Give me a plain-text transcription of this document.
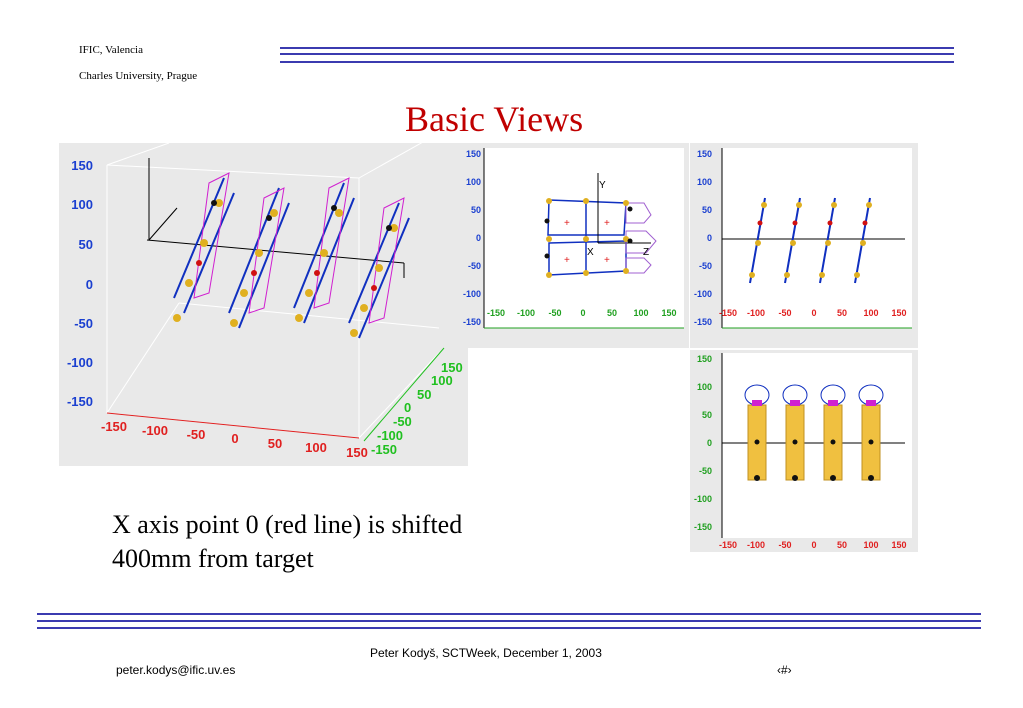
IFIC, Valencia
Charles University, Prague
Basic Views
150
100
50
0
-50
-100
-150
-150 -100 -50 0 50 100 150
150
100
50
0
-50
-100
-150
150
100
50
0
-50
-100
-150
-150 -100 -50 0 50 100 150
+	+
+	+
Y
X	Z
150
100
50
0
-50
-100
-150
-150 -100 -50 0 50 100 150
150
100
50
0
-50
-100
-150
-150 -100 -50 0 50 100 150
X axis point 0 (red line) is shifted
400mm from target
Peter Kodyš, SCTWeek, December 1, 2003
peter.kodys@ific.uv.es	‹#›
